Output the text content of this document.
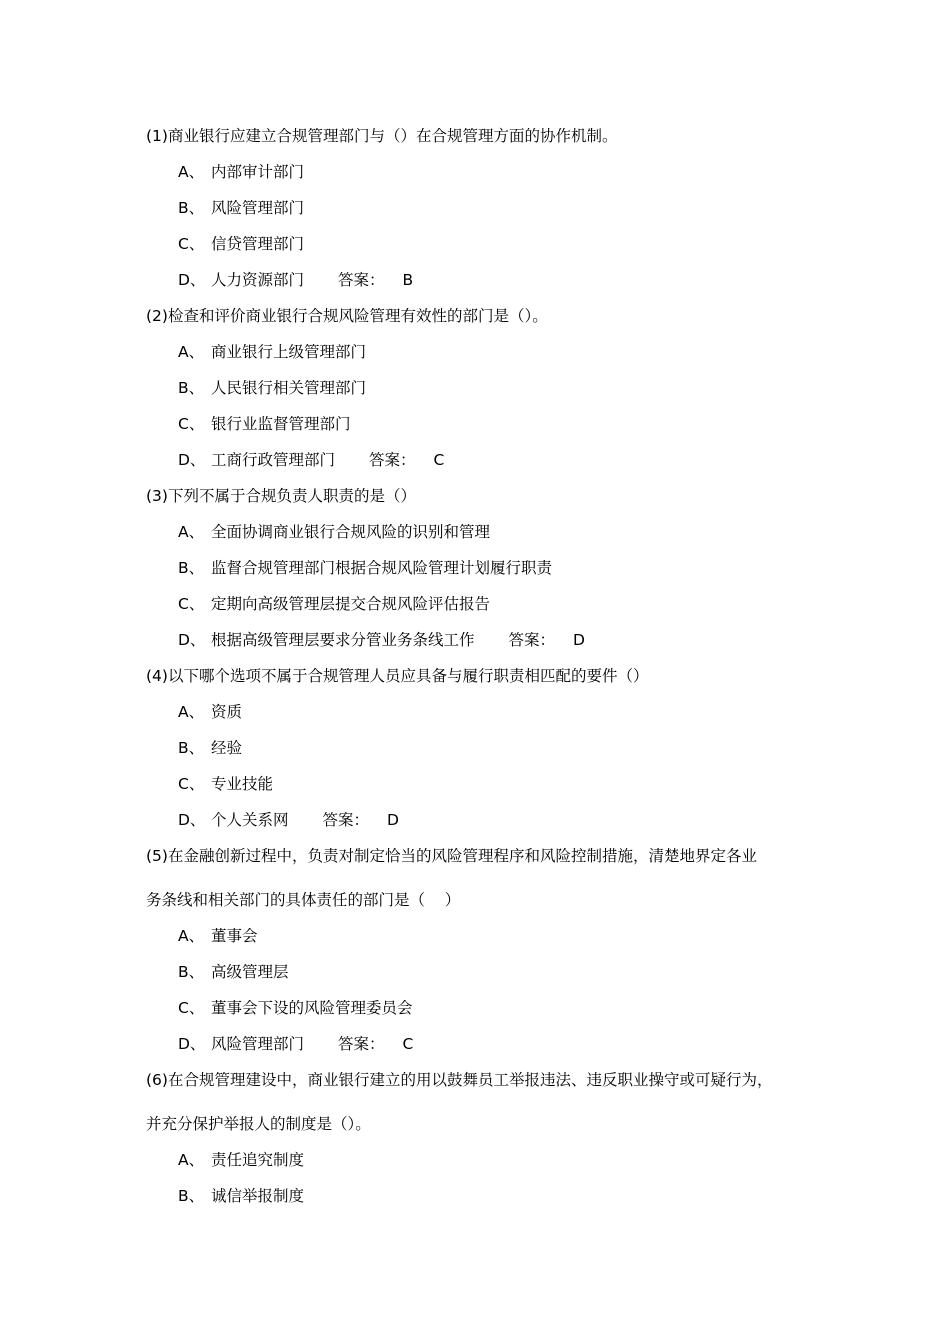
(1)商业银行应建立合规管理部门与（）在合规管理方面的协作机制。
A、 内部审计部门
B、 风险管理部门
C、 信贷管理部门
D、 人力资源部门 答案： B
(2)检查和评价商业银行合规风险管理有效性的部门是（）。
A、 商业银行上级管理部门
B、 人民银行相关管理部门
C、 银行业监督管理部门
D、 工商行政管理部门 答案： C
(3)下列不属于合规负责人职责的是（）
A、 全面协调商业银行合规风险的识别和管理
B、 监督合规管理部门根据合规风险管理计划履行职责
C、 定期向高级管理层提交合规风险评估报告
D、 根据高级管理层要求分管业务条线工作 答案： D
(4)以下哪个选项不属于合规管理人员应具备与履行职责相匹配的要件（）
A、 资质
B、 经验
C、 专业技能
D、 个人关系网 答案： D
(5)在金融创新过程中，负责对制定恰当的风险管理程序和风险控制措施，清楚地界定各业
务条线和相关部门的具体责任的部门是（    ）
A、 董事会
B、 高级管理层
C、 董事会下设的风险管理委员会
D、 风险管理部门 答案： C
(6)在合规管理建设中，商业银行建立的用以鼓舞员工举报违法、违反职业操守或可疑行为，
并充分保护举报人的制度是（）。
A、 责任追究制度
B、 诚信举报制度
